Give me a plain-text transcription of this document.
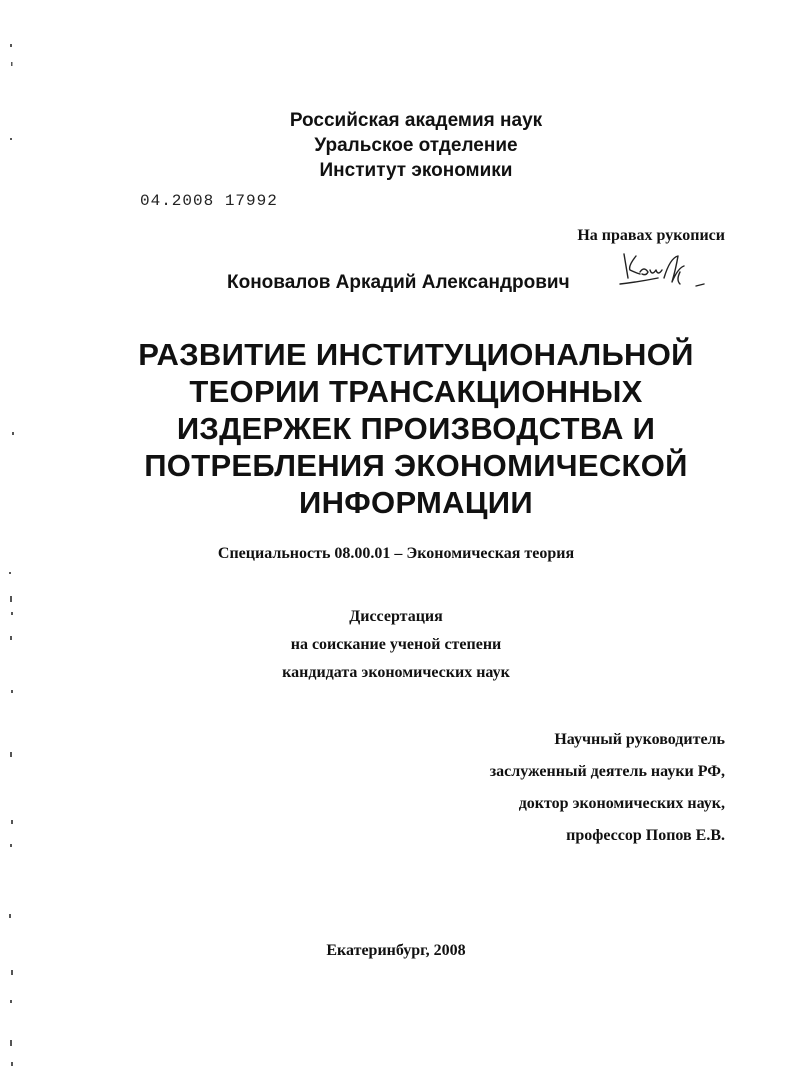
Российская академия наук
Уральское отделение
Институт экономики
04.2008 17992
На правах рукописи
Коновалов Аркадий Александрович
РАЗВИТИЕ ИНСТИТУЦИОНАЛЬНОЙ
ТЕОРИИ ТРАНСАКЦИОННЫХ
ИЗДЕРЖЕК ПРОИЗВОДСТВА И
ПОТРЕБЛЕНИЯ ЭКОНОМИЧЕСКОЙ
ИНФОРМАЦИИ
Специальность 08.00.01 – Экономическая теория
Диссертация
на соискание ученой степени
кандидата экономических наук
Научный руководитель
заслуженный деятель науки РФ,
доктор экономических наук,
профессор Попов Е.В.
Екатеринбург, 2008
